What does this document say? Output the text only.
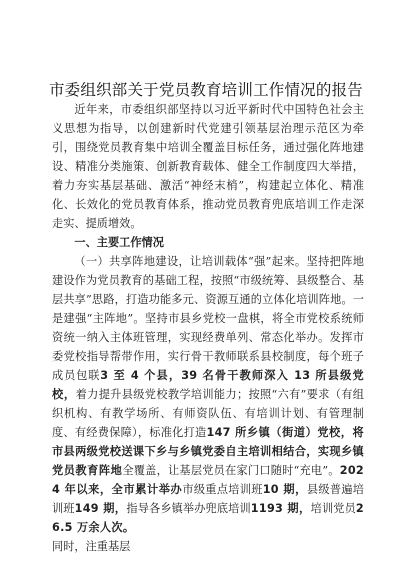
市委组织部关于党员教育培训工作情况的报告

近年来，市委组织部坚持以习近平新时代中国特色社会主义思想为指导，以创建新时代党建引领基层治理示范区为牵引，围绕党员教育集中培训全覆盖目标任务，通过强化阵地建设、精准分类施策、创新教育载体、健全工作制度四大举措，着力夯实基层基础、激活“神经末梢”，构建起立体化、精准化、长效化的党员教育体系，推动党员教育兜底培训工作走深走实、提质增效。

一、主要工作情况

（一）共享阵地建设，让培训载体“强”起来。坚持把阵地建设作为党员教育的基础工程，按照“市级统筹、县级整合、基层共享”思路，打造功能多元、资源互通的立体化培训阵地。一是建强“主阵地”。坚持市县乡党校一盘棋，将全市党校系统师资统一纳入主体班管理，实现经费单列、常态化举办。发挥市委党校指导帮带作用，实行骨干教师联系县校制度，每个班子成员包联3 至 4 个县，39 名骨干教师深入 13 所县级党校，着力提升县级党校教学培训能力；按照“六有”要求（有组织机构、有教学场所、有师资队伍、有培训计划、有管理制度、有经费保障），标准化打造147 所乡镇（街道）党校，将市县两级党校送课下乡与乡镇党委自主培训相结合，实现乡镇党员教育阵地全覆盖，让基层党员在家门口随时“充电”。2024 年以来，全市累计举办市级重点培训班10 期，县级普遍培训班149 期，指导各乡镇举办兜底培训1193 期，培训党员26.5 万余人次。

同时，注重基层
